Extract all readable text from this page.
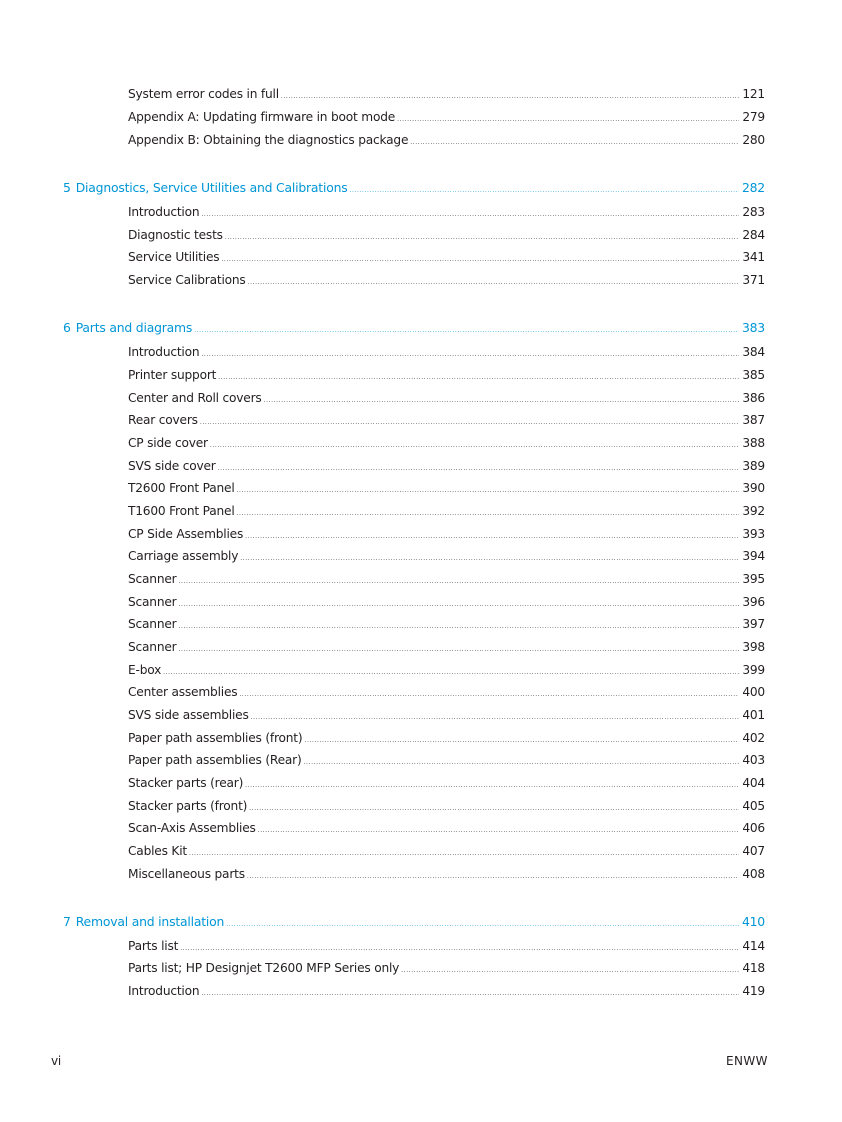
System error codes in full .....	121
Appendix A: Updating firmware in boot mode .....	279
Appendix B: Obtaining the diagnostics package .....	280
5 Diagnostics, Service Utilities and Calibrations .....	282
Introduction .....	283
Diagnostic tests .....	284
Service Utilities .....	341
Service Calibrations .....	371
6 Parts and diagrams .....	383
Introduction .....	384
Printer support .....	385
Center and Roll covers .....	386
Rear covers .....	387
CP side cover .....	388
SVS side cover .....	389
T2600 Front Panel .....	390
T1600 Front Panel .....	392
CP Side Assemblies .....	393
Carriage assembly .....	394
Scanner .....	395
Scanner .....	396
Scanner .....	397
Scanner .....	398
E-box .....	399
Center assemblies .....	400
SVS side assemblies .....	401
Paper path assemblies (front) .....	402
Paper path assemblies (Rear) .....	403
Stacker parts (rear) .....	404
Stacker parts (front) .....	405
Scan-Axis Assemblies .....	406
Cables Kit .....	407
Miscellaneous parts .....	408
7 Removal and installation .....	410
Parts list .....	414
Parts list; HP Designjet T2600 MFP Series only .....	418
Introduction .....	419
vi	ENWW
